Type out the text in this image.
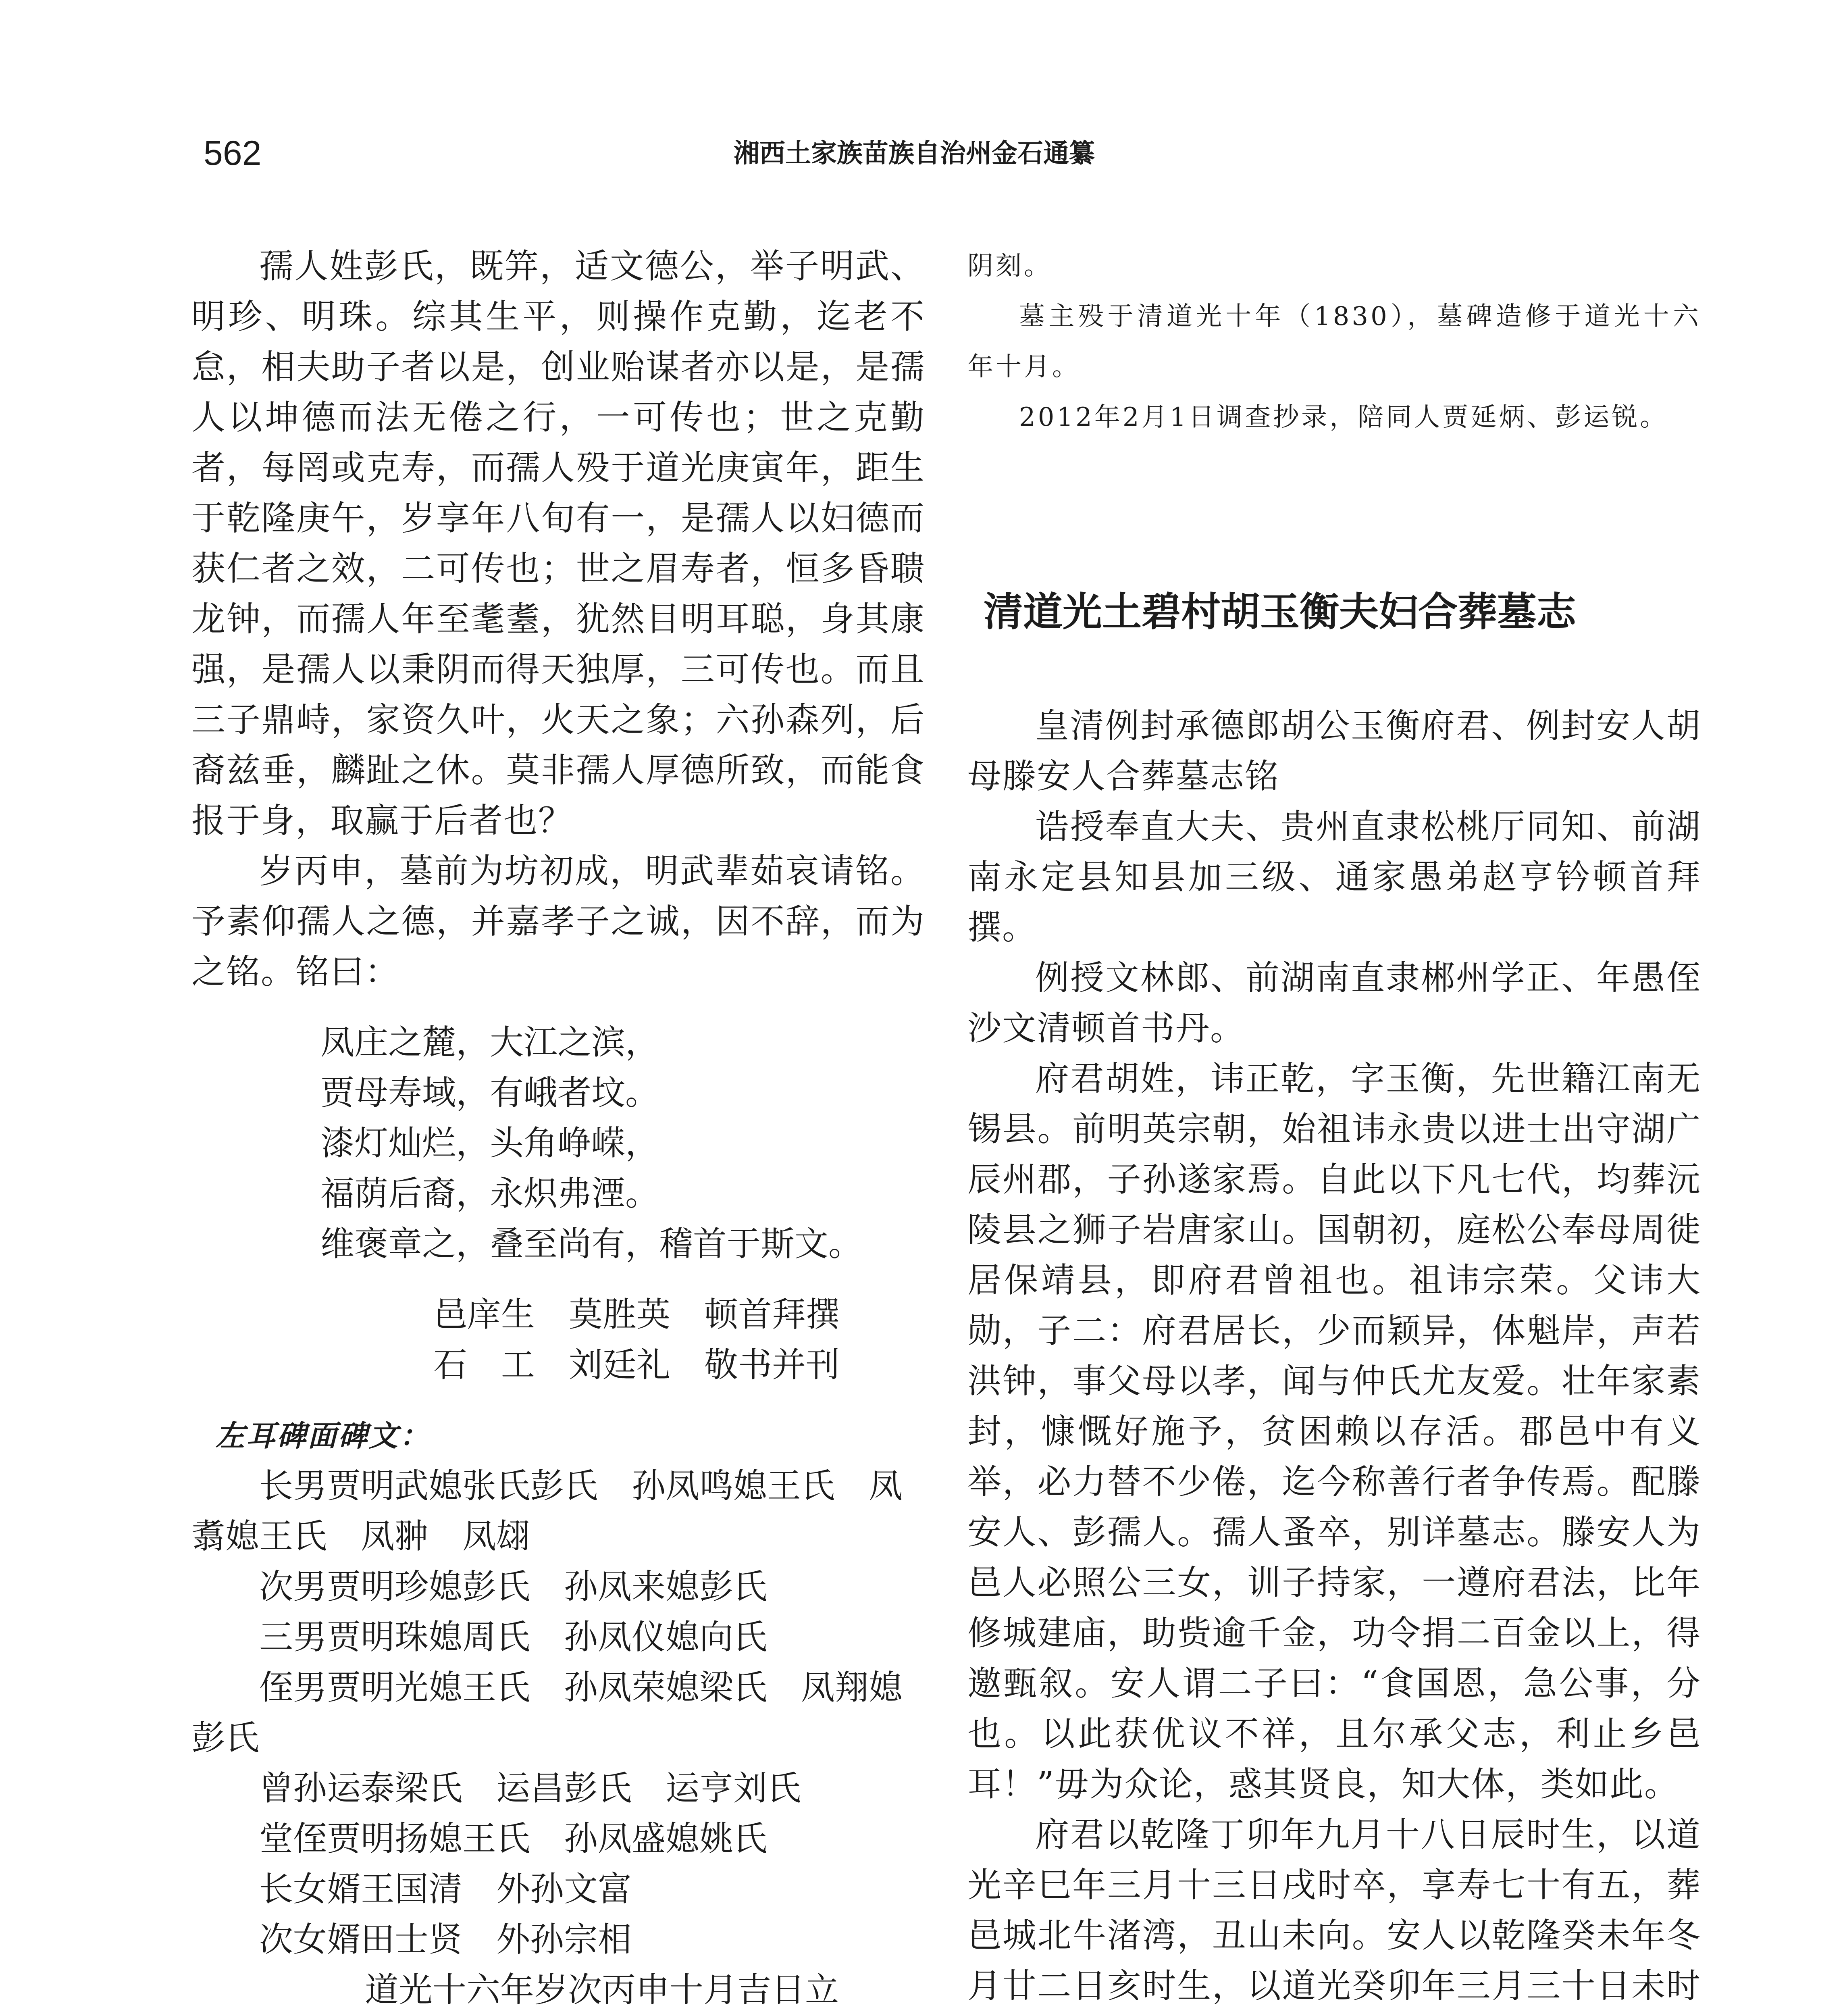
562	湘西土家族苗族自治州金石通纂

孺人姓彭氏，既笄，适文德公，举子明武、明珍、明珠。综其生平，则操作克勤，迄老不怠，相夫助子者以是，创业贻谋者亦以是，是孺人以坤德而法无倦之行，一可传也；世之克勤者，每罔或克寿，而孺人殁于道光庚寅年，距生于乾隆庚午，岁享年八旬有一，是孺人以妇德而获仁者之效，二可传也；世之眉寿者，恒多昏聩龙钟，而孺人年至耄耋，犹然目明耳聪，身其康强，是孺人以秉阴而得天独厚，三可传也。而且三子鼎峙，家资久叶，火天之象；六孙森列，后裔兹垂，麟趾之休。莫非孺人厚德所致，而能食报于身，取赢于后者也？

岁丙申，墓前为坊初成，明武辈茹哀请铭。予素仰孺人之德，并嘉孝子之诚，因不辞，而为之铭。铭曰：

凤庄之麓，大江之滨，

贾母寿域，有峨者坟。

漆灯灿烂，头角峥嵘，

福荫后裔，永炽弗湮。

维褒章之，叠至尚有，稽首于斯文。

邑庠生　莫胜英　顿首拜撰

石　工　刘廷礼　敬书并刊

左耳碑面碑文：

长男贾明武媳张氏彭氏　孙凤鸣媳王氏　凤翥媳王氏　凤翀　凤翃

次男贾明珍媳彭氏　孙凤来媳彭氏

三男贾明珠媳周氏　孙凤仪媳向氏

侄男贾明光媳王氏　孙凤荣媳梁氏　凤翔媳彭氏

曾孙运泰梁氏　运昌彭氏　运亨刘氏

堂侄贾明扬媳王氏　孙凤盛媳姚氏

长女婿王国清　外孙文富

次女婿田士贤　外孙宗相

道光十六年岁次丙申十月吉日立

阴刻。

墓主殁于清道光十年（1830），墓碑造修于道光十六年十月。

2012年2月1日调查抄录，陪同人贾延炳、彭运锐。

清道光土碧村胡玉衡夫妇合葬墓志

皇清例封承德郎胡公玉衡府君、例封安人胡母滕安人合葬墓志铭

诰授奉直大夫、贵州直隶松桃厅同知、前湖南永定县知县加三级、通家愚弟赵亨钤顿首拜撰。

例授文林郎、前湖南直隶郴州学正、年愚侄沙文清顿首书丹。

府君胡姓，讳正乾，字玉衡，先世籍江南无锡县。前明英宗朝，始祖讳永贵以进士出守湖广辰州郡，子孙遂家焉。自此以下凡七代，均葬沅陵县之狮子岩唐家山。国朝初，庭松公奉母周徙居保靖县，即府君曾祖也。祖讳宗荣。父讳大勋，子二：府君居长，少而颖异，体魁岸，声若洪钟，事父母以孝，闻与仲氏尤友爱。壮年家素封，慷慨好施予，贫困赖以存活。郡邑中有义举，必力替不少倦，迄今称善行者争传焉。配滕安人、彭孺人。孺人蚤卒，别详墓志。滕安人为邑人必照公三女，训子持家，一遵府君法，比年修城建庙，助赀逾千金，功令捐二百金以上，得邀甄叙。安人谓二子曰：“食国恩，急公事，分也。以此获优议不祥，且尔承父志，利止乡邑耳！”毋为众论，惑其贤良，知大体，类如此。

府君以乾隆丁卯年九月十八日辰时生，以道光辛巳年三月十三日戌时卒，享寿七十有五，葬邑城北牛渚湾，丑山未向。安人以乾隆癸未年冬月廿二日亥时生，以道光癸卯年三月三十日未时
